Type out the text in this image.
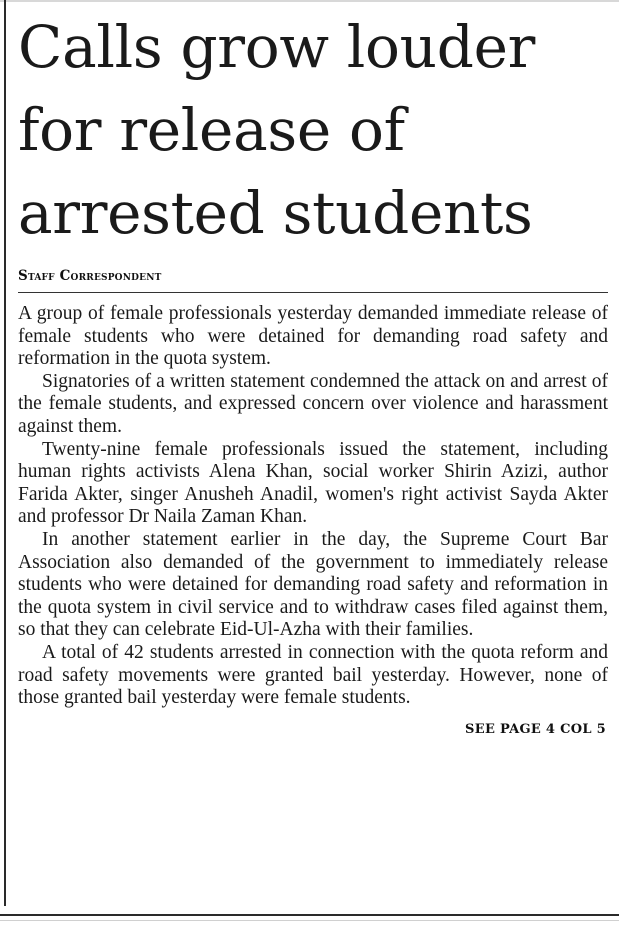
Calls grow louder for release of arrested students
Staff Correspondent

A group of female professionals yesterday demanded immediate release of female students who were detained for demanding road safety and reformation in the quota system.

Signatories of a written statement condemned the attack on and arrest of the female students, and expressed concern over violence and harassment against them.

Twenty-nine female professionals issued the statement, including human rights activists Alena Khan, social worker Shirin Azizi, author Farida Akter, singer Anusheh Anadil, women's right activist Sayda Akter and professor Dr Naila Zaman Khan.

In another statement earlier in the day, the Supreme Court Bar Association also demanded of the government to immediately release students who were detained for demanding road safety and reformation in the quota system in civil service and to withdraw cases filed against them, so that they can celebrate Eid-Ul-Azha with their families.

A total of 42 students arrested in connection with the quota reform and road safety movements were granted bail yesterday. However, none of those granted bail yesterday were female students.

SEE PAGE 4 COL 5
